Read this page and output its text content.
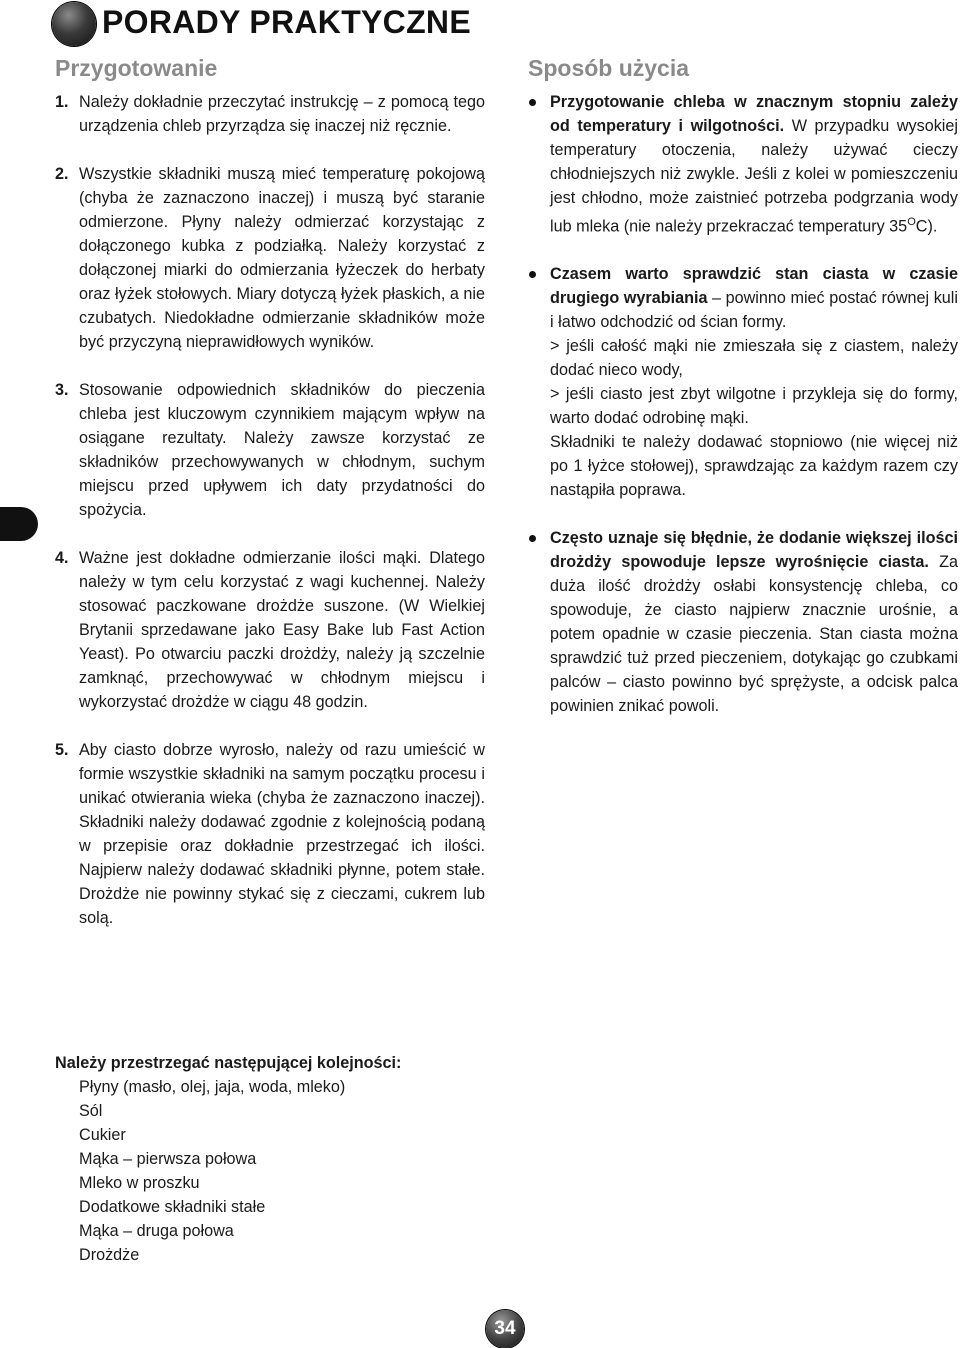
PORADY PRAKTYCZNE
Przygotowanie	Sposób użycia

1. Należy dokładnie przeczytać instrukcję – z pomocą tego urządzenia chleb przyrządza się inaczej niż ręcznie.

2. Wszystkie składniki muszą mieć temperaturę pokojową (chyba że zaznaczono inaczej) i muszą być staranie odmierzone. Płyny należy odmierzać korzystając z dołączonego kubka z podziałką. Należy korzystać z dołączonej miarki do odmierzania łyżeczek do herbaty oraz łyżek stołowych. Miary dotyczą łyżek płaskich, a nie czubatych. Niedokładne odmierzanie składników może być przyczyną nieprawidłowych wyników.

3. Stosowanie odpowiednich składników do pieczenia chleba jest kluczowym czynnikiem mającym wpływ na osiągane rezultaty. Należy zawsze korzystać ze składników przechowywanych w chłodnym, suchym miejscu przed upływem ich daty przydatności do spożycia.

4. Ważne jest dokładne odmierzanie ilości mąki. Dlatego należy w tym celu korzystać z wagi kuchennej. Należy stosować paczkowane drożdże suszone. (W Wielkiej Brytanii sprzedawane jako Easy Bake lub Fast Action Yeast). Po otwarciu paczki drożdży, należy ją szczelnie zamknąć, przechowywać w chłodnym miejscu i wykorzystać drożdże w ciągu 48 godzin.

5. Aby ciasto dobrze wyrosło, należy od razu umieścić w formie wszystkie składniki na samym początku procesu i unikać otwierania wieka (chyba że zaznaczono inaczej). Składniki należy dodawać zgodnie z kolejnością podaną w przepisie oraz dokładnie przestrzegać ich ilości. Najpierw należy dodawać składniki płynne, potem stałe. Drożdże nie powinny stykać się z cieczami, cukrem lub solą.

Należy przestrzegać następującej kolejności:
Płyny (masło, olej, jaja, woda, mleko)
Sól
Cukier
Mąka – pierwsza połowa
Mleko w proszku
Dodatkowe składniki stałe
Mąka – druga połowa
Drożdże

Przygotowanie chleba w znacznym stopniu zależy od temperatury i wilgotności. W przypadku wysokiej temperatury otoczenia, należy używać cieczy chłodniejszych niż zwykle. Jeśli z kolei w pomieszczeniu jest chłodno, może zaistnieć potrzeba podgrzania wody lub mleka (nie należy przekraczać temperatury $35^OC$).

Czasem warto sprawdzić stan ciasta w czasie drugiego wyrabiania – powinno mieć postać równej kuli i łatwo odchodzić od ścian formy.

> jeśli całość mąki nie zmieszała się z ciastem, należy dodać nieco wody,

> jeśli ciasto jest zbyt wilgotne i przykleja się do formy, warto dodać odrobinę mąki.

Składniki te należy dodawać stopniowo (nie więcej niż po 1 łyżce stołowej), sprawdzając za każdym razem czy nastąpiła poprawa.

Często uznaje się błędnie, że dodanie większej ilości drożdży spowoduje lepsze wyrośnięcie ciasta. Za duża ilość drożdży osłabi konsystencję chleba, co spowoduje, że ciasto najpierw znacznie urośnie, a potem opadnie w czasie pieczenia. Stan ciasta można sprawdzić tuż przed pieczeniem, dotykając go czubkami palców – ciasto powinno być sprężyste, a odcisk palca powinien znikać powoli.

34
